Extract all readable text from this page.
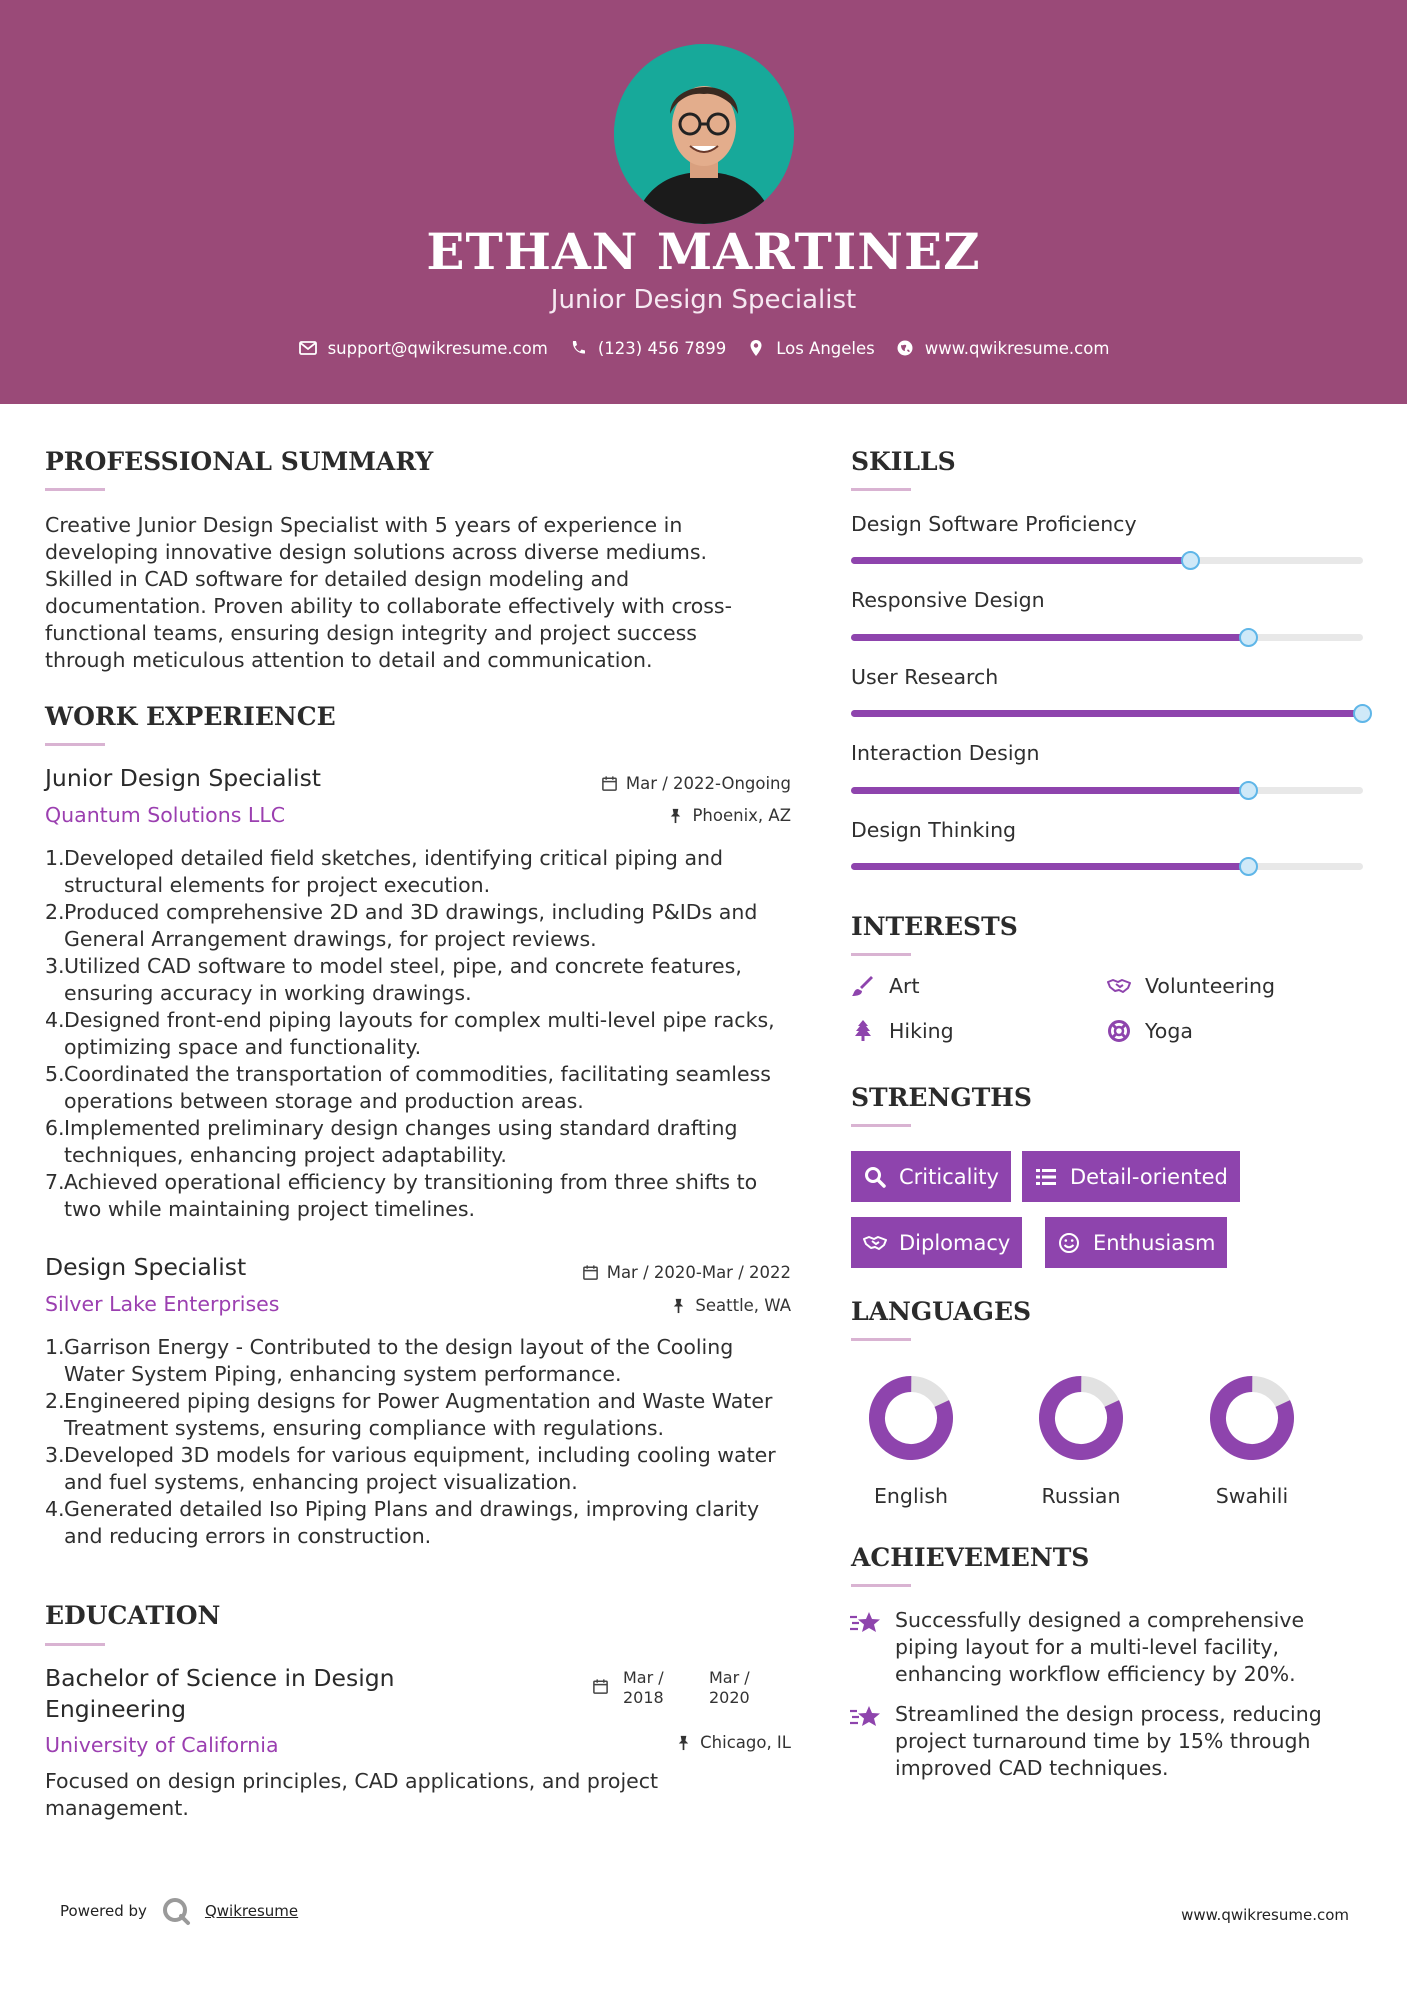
ETHAN MARTINEZ
Junior Design Specialist
support@qwikresume.com	(123) 456 7899	Los Angeles	www.qwikresume.com
PROFESSIONAL SUMMARY
Creative Junior Design Specialist with 5 years of experience in developing innovative design solutions across diverse mediums. Skilled in CAD software for detailed design modeling and documentation. Proven ability to collaborate effectively with cross-functional teams, ensuring design integrity and project success through meticulous attention to detail and communication.
WORK EXPERIENCE
Junior Design Specialist	Mar / 2022-Ongoing
Quantum Solutions LLC	Phoenix, AZ
1. Developed detailed field sketches, identifying critical piping and structural elements for project execution.
2. Produced comprehensive 2D and 3D drawings, including P&IDs and General Arrangement drawings, for project reviews.
3. Utilized CAD software to model steel, pipe, and concrete features, ensuring accuracy in working drawings.
4. Designed front-end piping layouts for complex multi-level pipe racks, optimizing space and functionality.
5. Coordinated the transportation of commodities, facilitating seamless operations between storage and production areas.
6. Implemented preliminary design changes using standard drafting techniques, enhancing project adaptability.
7. Achieved operational efficiency by transitioning from three shifts to two while maintaining project timelines.
Design Specialist	Mar / 2020-Mar / 2022
Silver Lake Enterprises	Seattle, WA
1. Garrison Energy - Contributed to the design layout of the Cooling Water System Piping, enhancing system performance.
2. Engineered piping designs for Power Augmentation and Waste Water Treatment systems, ensuring compliance with regulations.
3. Developed 3D models for various equipment, including cooling water and fuel systems, enhancing project visualization.
4. Generated detailed Iso Piping Plans and drawings, improving clarity and reducing errors in construction.
EDUCATION
Bachelor of Science in Design Engineering
Mar / 2018
Mar / 2020
University of California	Chicago, IL
Focused on design principles, CAD applications, and project management.
SKILLS
Design Software Proficiency
Responsive Design
User Research
Interaction Design
Design Thinking
INTERESTS
Art	Volunteering
Hiking	Yoga
STRENGTHS
Criticality	Detail-oriented
Diplomacy	Enthusiasm
LANGUAGES
English	Russian	Swahili
ACHIEVEMENTS
Successfully designed a comprehensive piping layout for a multi-level facility, enhancing workflow efficiency by 20%.
Streamlined the design process, reducing project turnaround time by 15% through improved CAD techniques.
Powered by	Qwikresume	www.qwikresume.com
